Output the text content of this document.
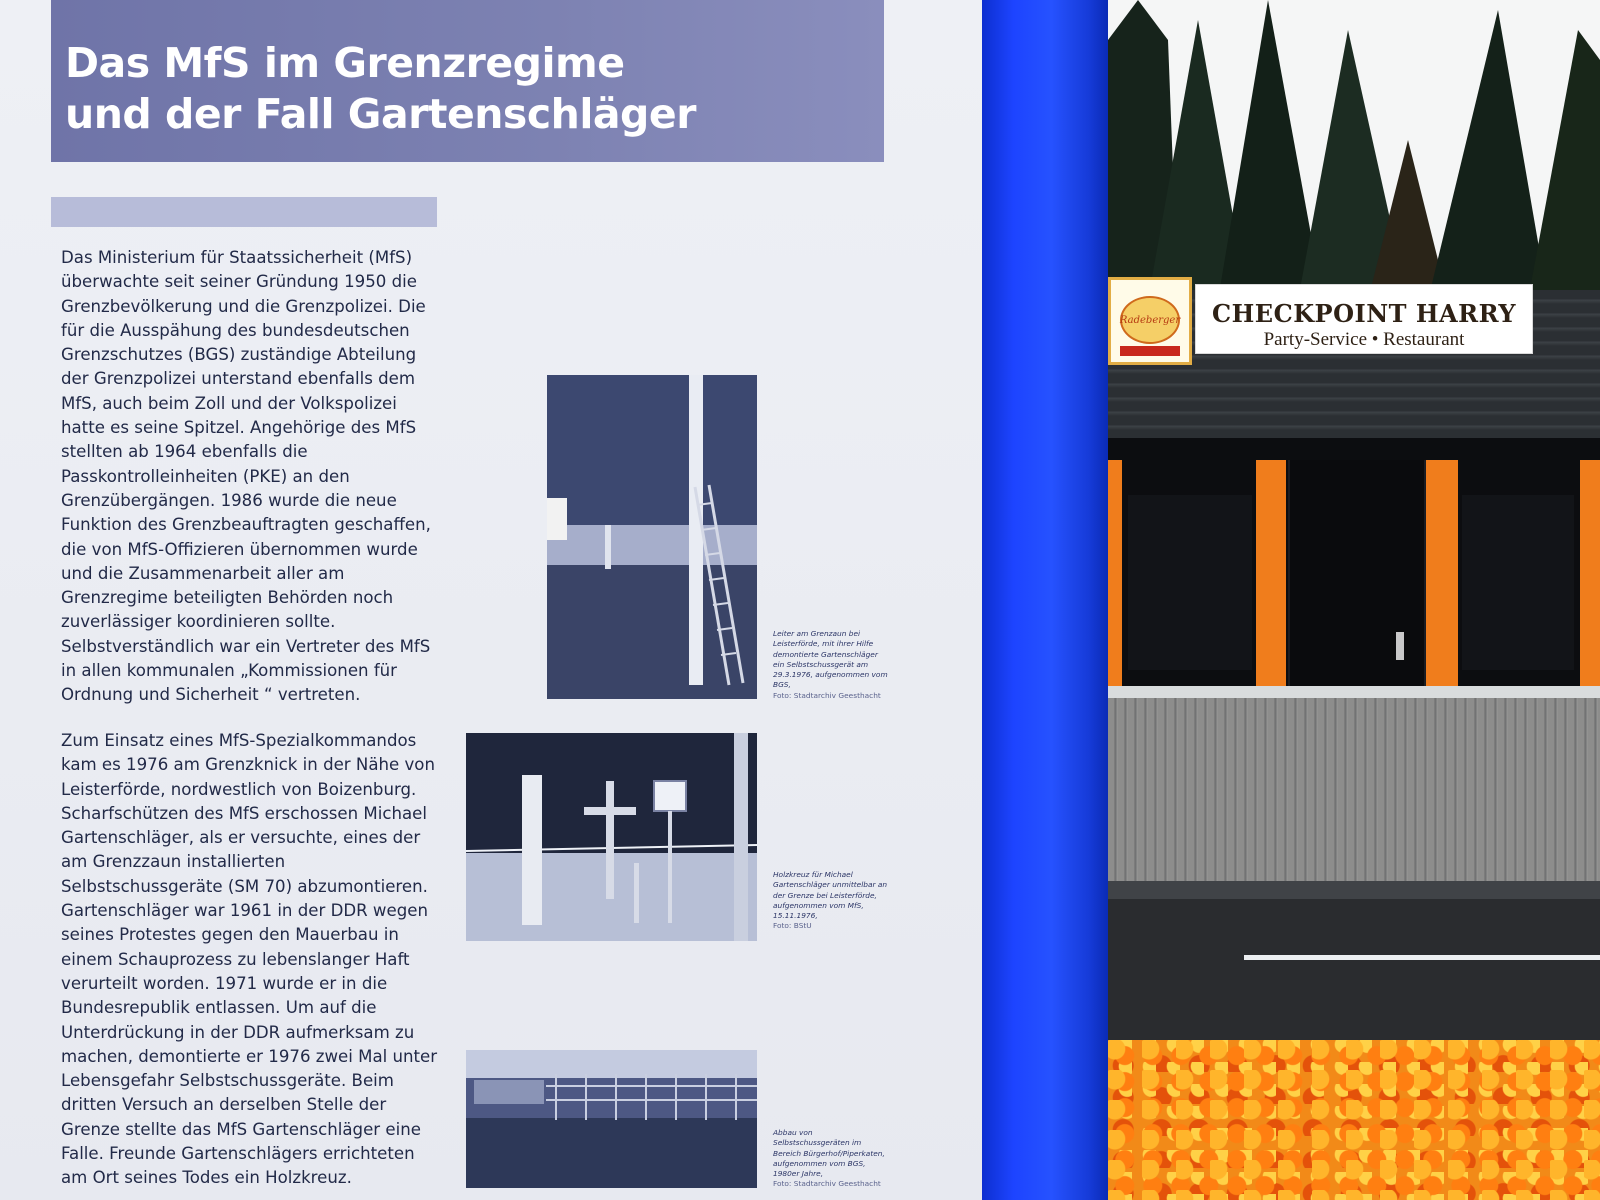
Das MfS im Grenzregime
und der Fall Gartenschläger
Das Ministerium für Staatssicherheit (MfS) überwachte seit seiner Gründung 1950 die Grenzbevölkerung und die Grenzpolizei. Die für die Ausspähung des bundesdeutschen Grenzschutzes (BGS) zuständige Abteilung der Grenzpolizei unterstand ebenfalls dem MfS, auch beim Zoll und der Volkspolizei hatte es seine Spitzel. Angehörige des MfS stellten ab 1964 ebenfalls die Passkontrolleinheiten (PKE) an den Grenzübergängen. 1986 wurde die neue Funktion des Grenzbeauftragten geschaffen, die von MfS-Offizieren übernommen wurde und die Zusammenarbeit aller am Grenzregime beteiligten Behörden noch zuverlässiger koordinieren sollte. Selbstverständlich war ein Vertreter des MfS in allen kommunalen „Kommissionen für Ordnung und Sicherheit “ vertreten.
Zum Einsatz eines MfS-Spezialkommandos kam es 1976 am Grenzknick in der Nähe von Leisterförde, nordwestlich von Boizenburg. Scharfschützen des MfS erschossen Michael Gartenschläger, als er versuchte, eines der am Grenzzaun installierten Selbstschussgeräte (SM 70) abzumontieren. Gartenschläger war 1961 in der DDR wegen seines Protestes gegen den Mauerbau in einem Schauprozess zu lebenslanger Haft verurteilt worden. 1971 wurde er in die Bundesrepublik entlassen. Um auf die Unterdrückung in der DDR aufmerksam zu machen, demontierte er 1976 zwei Mal unter Lebensgefahr Selbstschussgeräte. Beim dritten Versuch an derselben Stelle der Grenze stellte das MfS Gartenschläger eine Falle. Freunde Gartenschlägers errichteten am Ort seines Todes ein Holzkreuz.
Leiter am Grenzaun bei Leisterförde, mit ihrer Hilfe demontierte Gartenschläger ein Selbstschussgerät am 29.3.1976, aufgenommen vom BGS,
Foto: Stadtarchiv Geesthacht
Holzkreuz für Michael Gartenschläger unmittelbar an der Grenze bei Leisterförde, aufgenommen vom MfS, 15.11.1976,
Foto: BStU
Abbau von Selbstschussgeräten im Bereich Bürgerhof/Piperkaten, aufgenommen vom BGS, 1980er Jahre,
Foto: Stadtarchiv Geesthacht
Radeberger	CHECKPOINT HARRY
Party-Service • Restaurant
